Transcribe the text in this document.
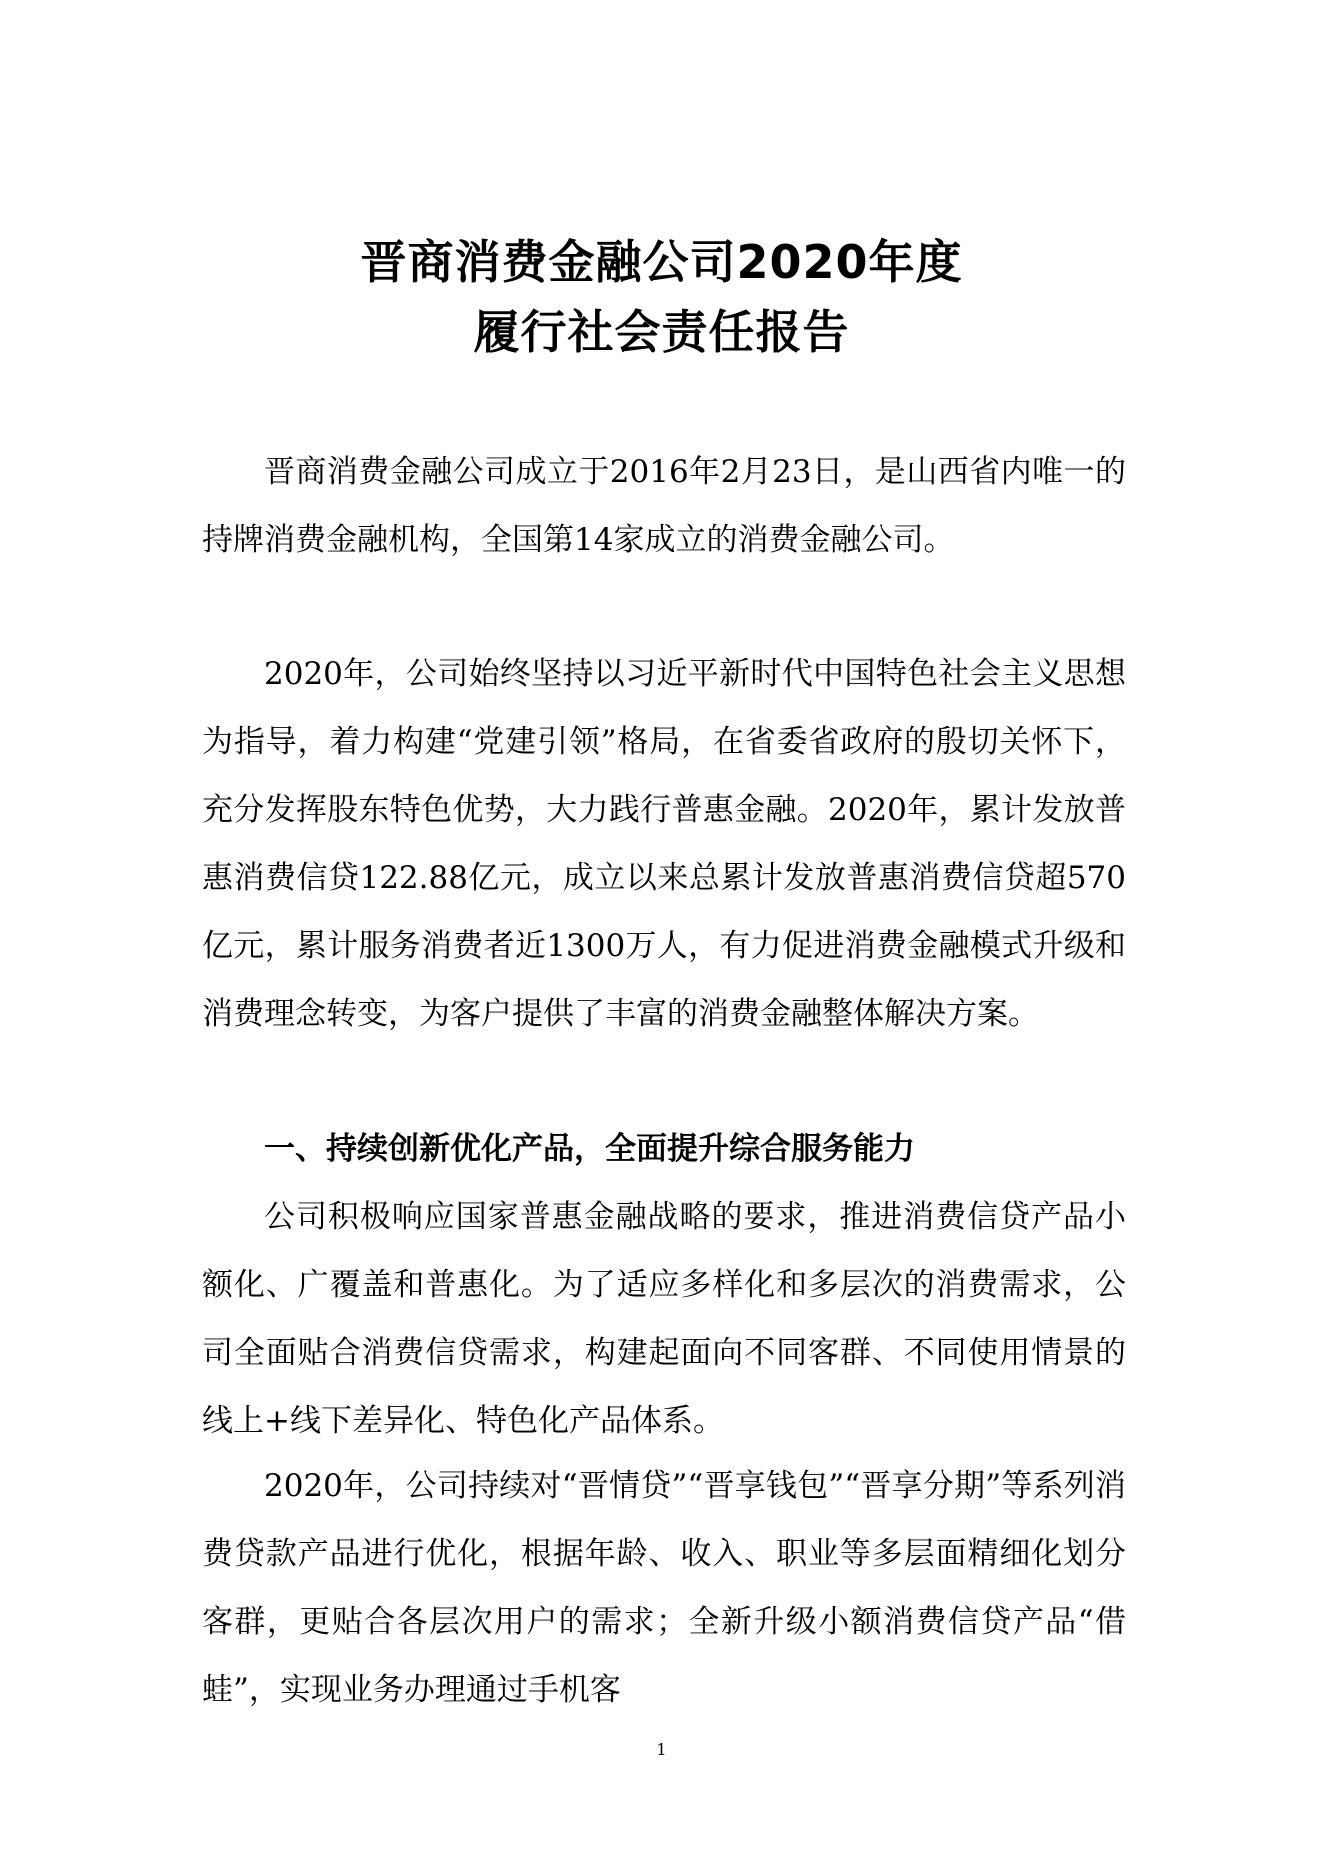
晋商消费金融公司2020年度
履行社会责任报告

晋商消费金融公司成立于2016年2月23日，是山西省内唯一的持牌消费金融机构，全国第14家成立的消费金融公司。

2020年，公司始终坚持以习近平新时代中国特色社会主义思想为指导，着力构建“党建引领”格局，在省委省政府的殷切关怀下，充分发挥股东特色优势，大力践行普惠金融。2020年，累计发放普惠消费信贷122.88亿元，成立以来总累计发放普惠消费信贷超570亿元，累计服务消费者近1300万人，有力促进消费金融模式升级和消费理念转变，为客户提供了丰富的消费金融整体解决方案。

一、持续创新优化产品，全面提升综合服务能力

公司积极响应国家普惠金融战略的要求，推进消费信贷产品小额化、广覆盖和普惠化。为了适应多样化和多层次的消费需求，公司全面贴合消费信贷需求，构建起面向不同客群、不同使用情景的线上+线下差异化、特色化产品体系。

2020年，公司持续对“晋情贷”“晋享钱包”“晋享分期”等系列消费贷款产品进行优化，根据年龄、收入、职业等多层面精细化划分客群，更贴合各层次用户的需求；全新升级小额消费信贷产品“借蛙”，实现业务办理通过手机客

1
